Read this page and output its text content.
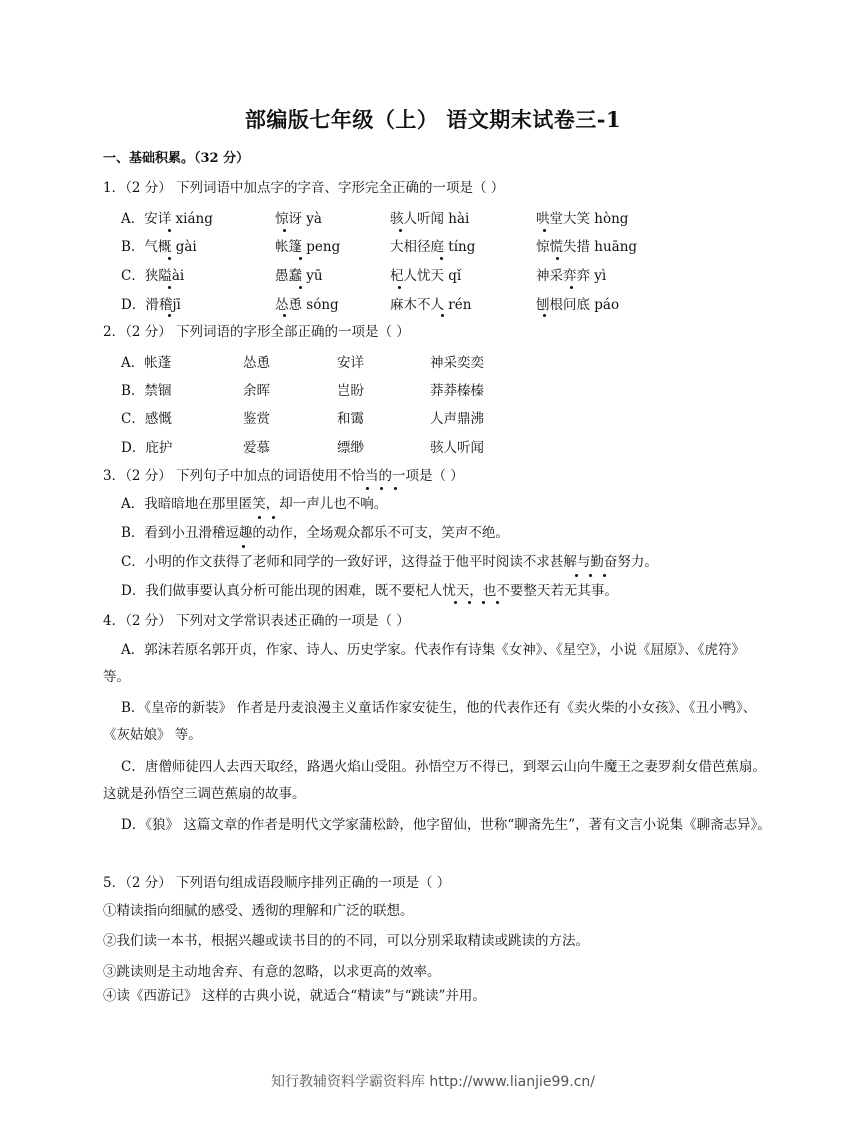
部编版七年级（上） 语文期末试卷三-1
一、基础积累。（32 分）
1．（2 分） 下列词语中加点字的字音、字形完全正确的一项是（ ）
A．安详 xiáng	惊讶 yà	骇人听闻 hài	哄堂大笑 hòng
B．气概 gài	帐篷 peng	大相径庭 tíng	惊慌失措 huāng
C．狭隘ài	愚蠢 yū	杞人忧天 qǐ	神采弈弈 yì
D．滑稽jī	怂恿 sóng	麻木不人 rén	刨根问底 páo
2．（2 分） 下列词语的字形全部正确的一项是（ ）
A．帐蓬	怂恿	安详	神采奕奕
B．禁锢	余晖	岂盼	莽莽榛榛
C．感慨	鉴赏	和霭	人声鼎沸
D．庇护	爱慕	缥缈	骇人听闻
3．（2 分） 下列句子中加点的词语使用不恰当的一项是（ ）
A．我暗暗地在那里匿笑，却一声儿也不响。
B．看到小丑滑稽逗趣的动作，全场观众都乐不可支，笑声不绝。
C．小明的作文获得了老师和同学的一致好评，这得益于他平时阅读不求甚解与勤奋努力。
D．我们做事要认真分析可能出现的困难，既不要杞人忧天，也不要整天若无其事。
4．（2 分） 下列对文学常识表述正确的一项是（ ）
A．郭沫若原名郭开贞，作家、诗人、历史学家。代表作有诗集《女神》、《星空》，小说《屈原》、《虎符》 等。
B．《皇帝的新装》 作者是丹麦浪漫主义童话作家安徒生，他的代表作还有《卖火柴的小女孩》、《丑小鸭》、《灰姑娘》 等。
C．唐僧师徒四人去西天取经，路遇火焰山受阻。孙悟空万不得已，到翠云山向牛魔王之妻罗刹女借芭蕉扇。这就是孙悟空三调芭蕉扇的故事。
D．《狼》 这篇文章的作者是明代文学家蒲松龄，他字留仙，世称“聊斋先生”，著有文言小说集《聊斋志异》。
5．（2 分） 下列语句组成语段顺序排列正确的一项是（ ）
①精读指向细腻的感受、透彻的理解和广泛的联想。
②我们读一本书，根据兴趣或读书目的的不同，可以分别采取精读或跳读的方法。
③跳读则是主动地舍弃、有意的忽略，以求更高的效率。
④读《西游记》 这样的古典小说，就适合“精读”与“跳读”并用。
知行教辅资料学霸资料库 http://www.lianjie99.cn/
